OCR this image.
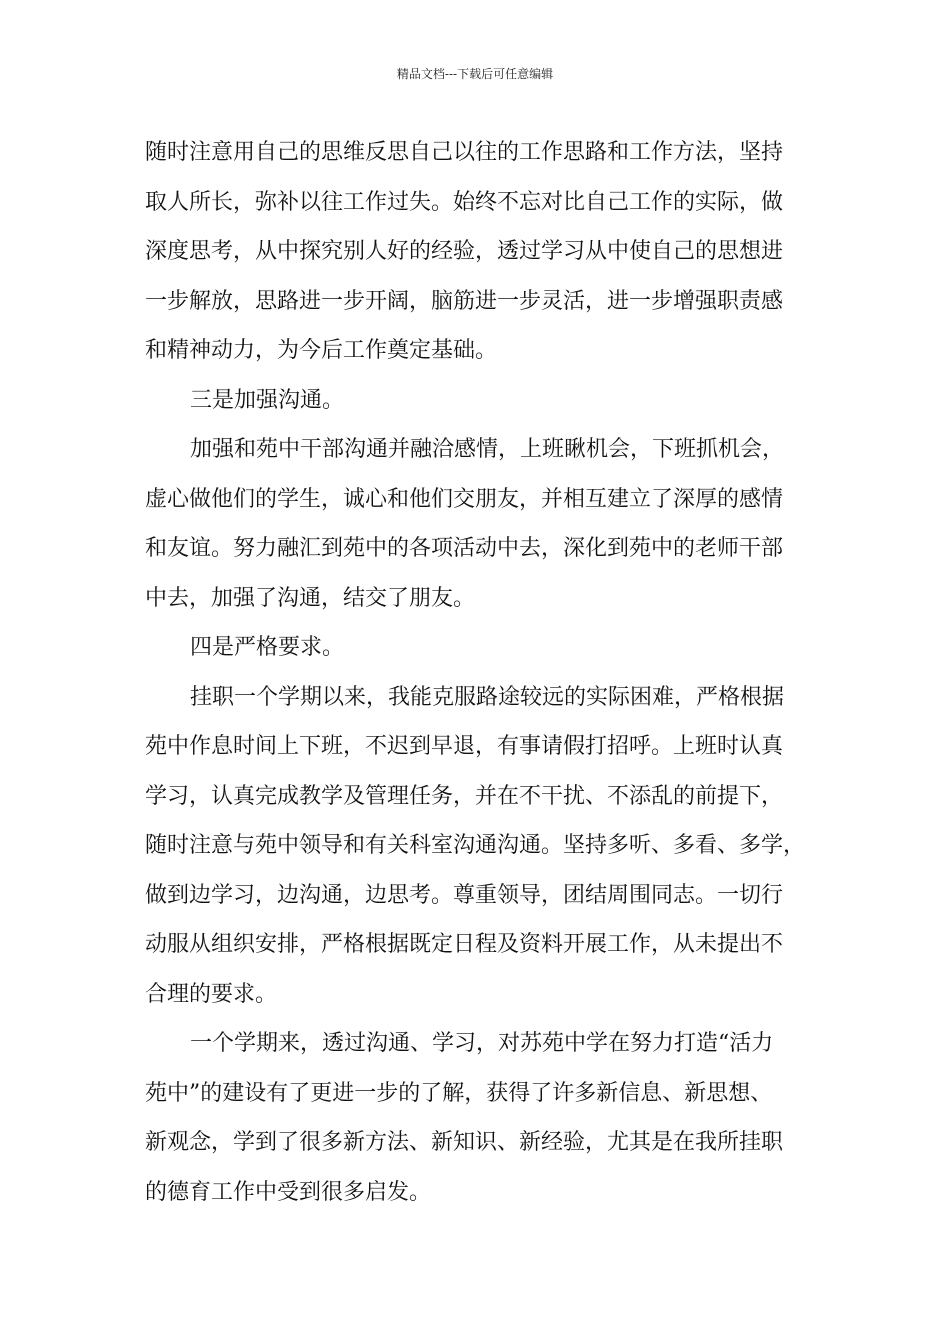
精品文档---下载后可任意编辑
随时注意用自己的思维反思自己以往的工作思路和工作方法，坚持
取人所长，弥补以往工作过失。始终不忘对比自己工作的实际，做
深度思考，从中探究别人好的经验，透过学习从中使自己的思想进
一步解放，思路进一步开阔，脑筋进一步灵活，进一步增强职责感
和精神动力，为今后工作奠定基础。
三是加强沟通。
加强和苑中干部沟通并融洽感情，上班瞅机会，下班抓机会，
虚心做他们的学生，诚心和他们交朋友，并相互建立了深厚的感情
和友谊。努力融汇到苑中的各项活动中去，深化到苑中的老师干部
中去，加强了沟通，结交了朋友。
四是严格要求。
挂职一个学期以来，我能克服路途较远的实际困难，严格根据
苑中作息时间上下班，不迟到早退，有事请假打招呼。上班时认真
学习，认真完成教学及管理任务，并在不干扰、不添乱的前提下，
随时注意与苑中领导和有关科室沟通沟通。坚持多听、多看、多学，
做到边学习，边沟通，边思考。尊重领导，团结周围同志。一切行
动服从组织安排，严格根据既定日程及资料开展工作，从未提出不
合理的要求。
一个学期来，透过沟通、学习，对苏苑中学在努力打造“活力
苑中”的建设有了更进一步的了解，获得了许多新信息、新思想、
新观念，学到了很多新方法、新知识、新经验，尤其是在我所挂职
的德育工作中受到很多启发。
